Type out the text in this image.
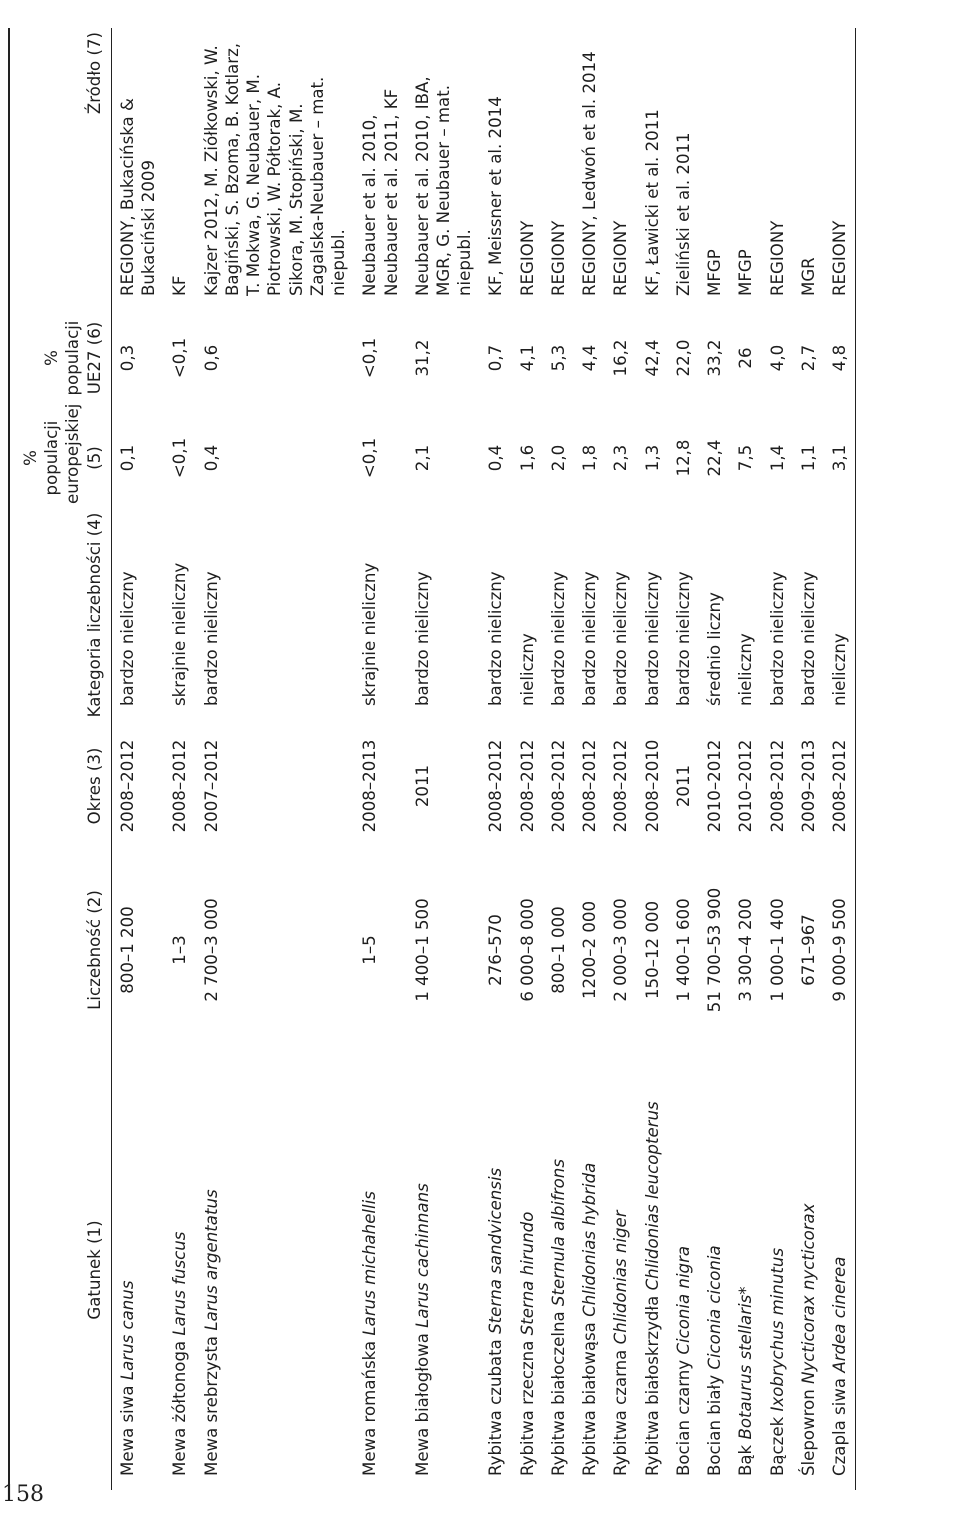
158
Gatunek (1)	Liczebność (2)	Okres (3)	Kategoria liczebności (4)	% populacji europejskiej (5)	% populacji UE27 (6)	Źródło (7)
Mewa siwa Larus canus	800–1 200	2008–2012	bardzo nieliczny	0,1	0,3	REGIONY, Bukacińska & Bukaciński 2009
Mewa żółtonoga Larus fuscus	1–3	2008–2012	skrajnie nieliczny	<0,1	<0,1	KF
Mewa srebrzysta Larus argentatus	2 700–3 000	2007–2012	bardzo nieliczny	0,4	0,6	Kajzer 2012, M. Ziółkowski, W. Bagiński, S. Bzoma, B. Kotlarz, T. Mokwa, G. Neubauer, M. Piotrowski, W. Półtorak, A. Sikora, M. Stopiński, M. Zagalska-Neubauer – mat. niepubl.
Mewa romańska Larus michahellis	1–5	2008–2013	skrajnie nieliczny	<0,1	<0,1	Neubauer et al. 2010, Neubauer et al. 2011, KF
Mewa białogłowa Larus cachinnans	1 400–1 500	2011	bardzo nieliczny	2,1	31,2	Neubauer et al. 2010, IBA, MGR, G. Neubauer – mat. niepubl.
Rybitwa czubata Sterna sandvicensis	276–570	2008–2012	bardzo nieliczny	0,4	0,7	KF, Meissner et al. 2014
Rybitwa rzeczna Sterna hirundo	6 000–8 000	2008–2012	nieliczny	1,6	4,1	REGIONY
Rybitwa białoczelna Sternula albifrons	800–1 000	2008–2012	bardzo nieliczny	2,0	5,3	REGIONY
Rybitwa białowąsa Chlidonias hybrida	1200–2 000	2008–2012	bardzo nieliczny	1,8	4,4	REGIONY, Ledwoń et al. 2014
Rybitwa czarna Chlidonias niger	2 000–3 000	2008–2012	bardzo nieliczny	2,3	16,2	REGIONY
Rybitwa białoskrzydła Chlidonias leucopterus	150–12 000	2008–2010	bardzo nieliczny	1,3	42,4	KF, Ławicki et al. 2011
Bocian czarny Ciconia nigra	1 400–1 600	2011	bardzo nieliczny	12,8	22,0	Zieliński et al. 2011
Bocian biały Ciconia ciconia	51 700–53 900	2010–2012	średnio liczny	22,4	33,2	MFGP
Bąk Botaurus stellaris*	3 300–4 200	2010–2012	nieliczny	7,5	26	MFGP
Bączek Ixobrychus minutus	1 000–1 400	2008–2012	bardzo nieliczny	1,4	4,0	REGIONY
Ślepowron Nycticorax nycticorax	671–967	2009–2013	bardzo nieliczny	1,1	2,7	MGR
Czapla siwa Ardea cinerea	9 000–9 500	2008–2012	nieliczny	3,1	4,8	REGIONY
